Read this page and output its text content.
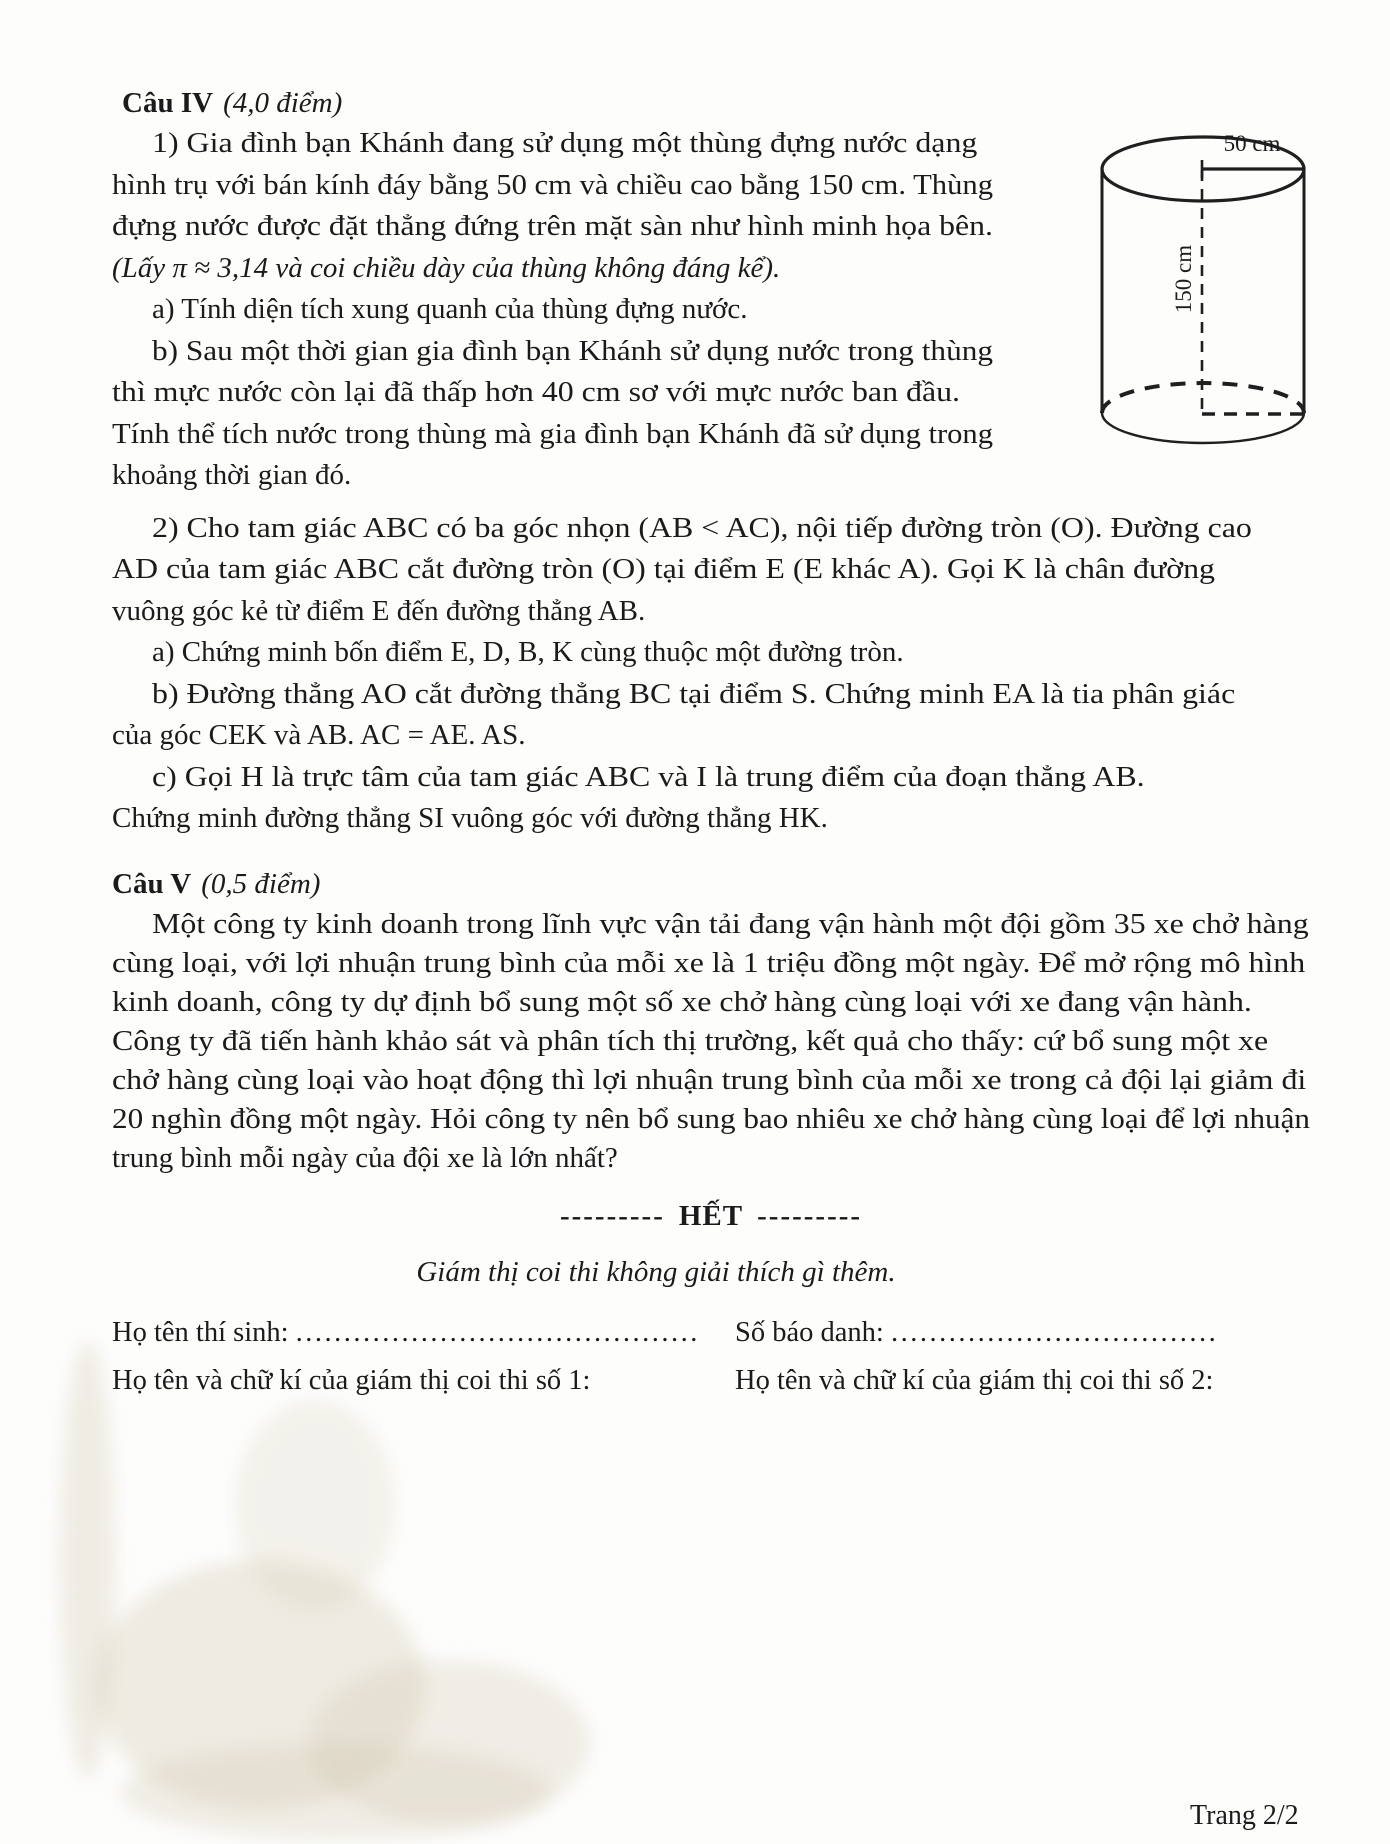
Câu IV (4,0 điểm)
1) Gia đình bạn Khánh đang sử dụng một thùng đựng nước dạng
hình trụ với bán kính đáy bằng 50 cm và chiều cao bằng 150 cm. Thùng
đựng nước được đặt thẳng đứng trên mặt sàn như hình minh họa bên.
(Lấy π ≈ 3,14 và coi chiều dày của thùng không đáng kể).
a) Tính diện tích xung quanh của thùng đựng nước.
b) Sau một thời gian gia đình bạn Khánh sử dụng nước trong thùng
thì mực nước còn lại đã thấp hơn 40 cm sơ với mực nước ban đầu.
Tính thể tích nước trong thùng mà gia đình bạn Khánh đã sử dụng trong
khoảng thời gian đó.
2) Cho tam giác ABC có ba góc nhọn (AB < AC), nội tiếp đường tròn (O). Đường cao
AD của tam giác ABC cắt đường tròn (O) tại điểm E (E khác A). Gọi K là chân đường
vuông góc kẻ từ điểm E đến đường thẳng AB.
a) Chứng minh bốn điểm E, D, B, K cùng thuộc một đường tròn.
b) Đường thẳng AO cắt đường thẳng BC tại điểm S. Chứng minh EA là tia phân giác
của góc CEK và AB. AC = AE. AS.
c) Gọi H là trực tâm của tam giác ABC và I là trung điểm của đoạn thẳng AB.
Chứng minh đường thẳng SI vuông góc với đường thẳng HK.
Câu V (0,5 điểm)
Một công ty kinh doanh trong lĩnh vực vận tải đang vận hành một đội gồm 35 xe chở hàng
cùng loại, với lợi nhuận trung bình của mỗi xe là 1 triệu đồng một ngày. Để mở rộng mô hình
kinh doanh, công ty dự định bổ sung một số xe chở hàng cùng loại với xe đang vận hành.
Công ty đã tiến hành khảo sát và phân tích thị trường, kết quả cho thấy: cứ bổ sung một xe
chở hàng cùng loại vào hoạt động thì lợi nhuận trung bình của mỗi xe trong cả đội lại giảm đi
20 nghìn đồng một ngày. Hỏi công ty nên bổ sung bao nhiêu xe chở hàng cùng loại để lợi nhuận
trung bình mỗi ngày của đội xe là lớn nhất?
--------- HẾT ---------
Giám thị coi thi không giải thích gì thêm.
Họ tên thí sinh: .......................................... Số báo danh: ..................................
Họ tên và chữ kí của giám thị coi thi số 1:	Họ tên và chữ kí của giám thị coi thi số 2:
50 cm
150 cm
Trang 2/2
